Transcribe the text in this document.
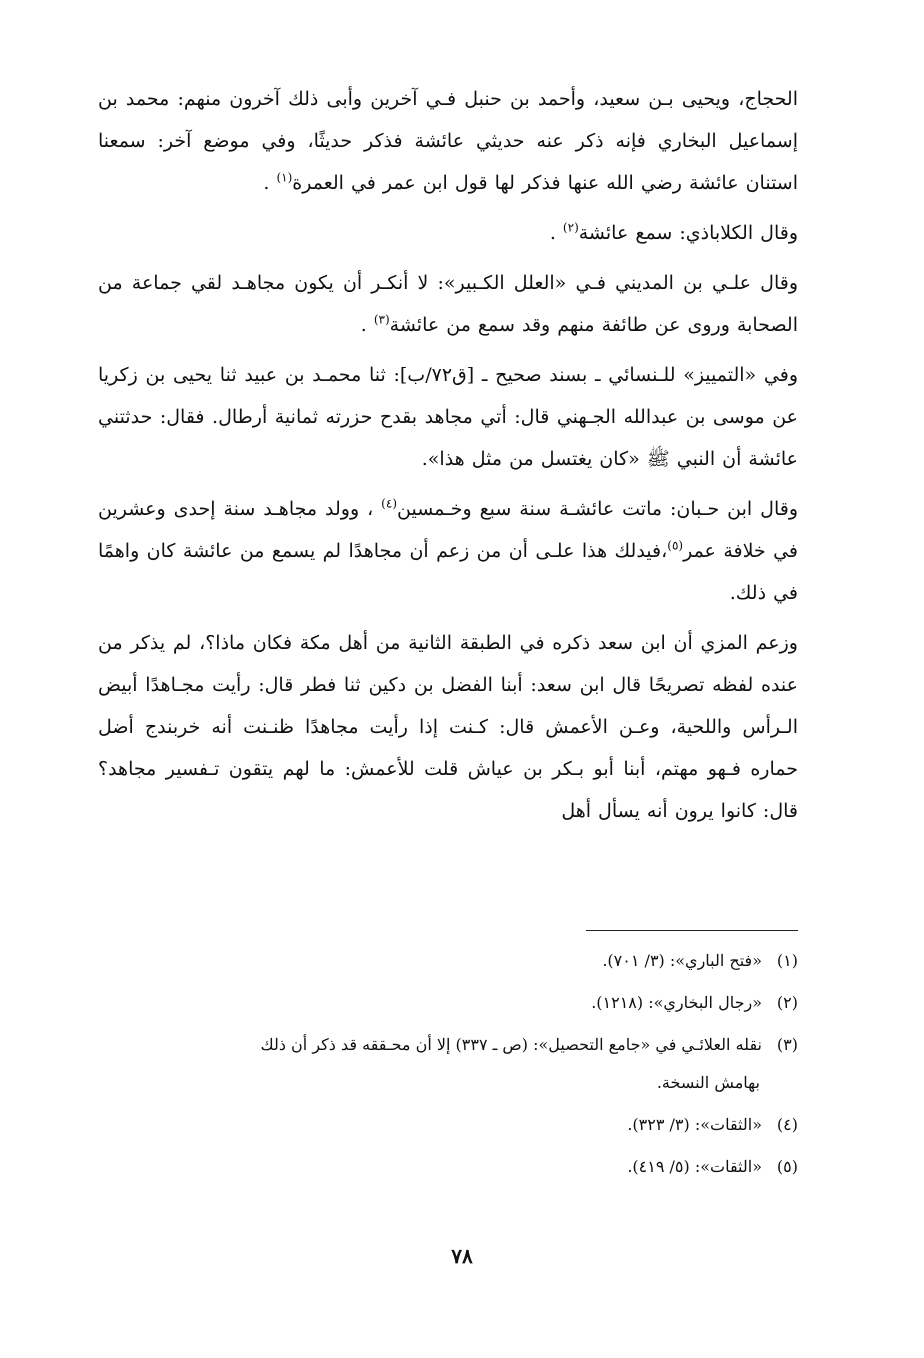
الحجاج، ويحيى بـن سعيد، وأحمد بن حنبل فـي آخرين وأبى ذلك آخرون منهم: محمد بن إسماعيل البخاري فإنه ذكر عنه حديثي عائشة فذكر حديثًا، وفي موضع آخر: سمعنا استنان عائشة رضي الله عنها فذكر لها قول ابن عمر في العمرة$^{(١)}$ .

وقال الكلاباذي: سمع عائشة$^{(٢)}$ .

وقال علـي بن المديني فـي «العلل الكـبير»: لا أنكـر أن يكون مجاهـد لقي جماعة من الصحابة وروى عن طائفة منهم وقد سمع من عائشة$^{(٣)}$ .

وفي «التمييز» للـنسائي ـ بسند صحيح ـ [ق٧٢/ب]: ثنا محمـد بن عبيد ثنا يحيى بن زكريا عن موسى بن عبدالله الجـهني قال: أتي مجاهد بقدح حزرته ثمانية أرطال. فقال: حدثتني عائشة أن النبي ﷺ «كان يغتسل من مثل هذا».

وقال ابن حـبان: ماتت عائشـة سنة سبع وخـمسين$^{(٤)}$ ، وولد مجاهـد سنة إحدى وعشرين في خلافة عمر$^{(٥)}$،فيدلك هذا علـى أن من زعم أن مجاهدًا لم يسمع من عائشة كان واهمًا في ذلك.

وزعم المزي أن ابن سعد ذكره في الطبقة الثانية من أهل مكة فكان ماذا؟، لم يذكر من عنده لفظه تصريحًا قال ابن سعد: أبنا الفضل بن دكين ثنا فطر قال: رأيت مجـاهدًا أبيض الـرأس واللحية، وعـن الأعمش قال: كـنت إذا رأيت مجاهدًا ظنـنت أنه خربندج أضل حماره فـهو مهتم، أبنا أبو بـكر بن عياش قلت للأعمش: ما لهم يتقون تـفسير مجاهد؟ قال: كانوا يرون أنه يسأل أهل

(١)
«فتح الباري»: (٣/ ٧٠١).
(٢)
«رجال البخاري»: (١٢١٨).
(٣)
نقله العلائـي في «جامع التحصيل»: (ص ـ ٣٣٧) إلا أن محـققه قد ذكر أن ذلك
بهامش النسخة.
(٤)
«الثقات»: (٣/ ٣٢٣).
(٥)
«الثقات»: (٥/ ٤١٩).
٧٨
